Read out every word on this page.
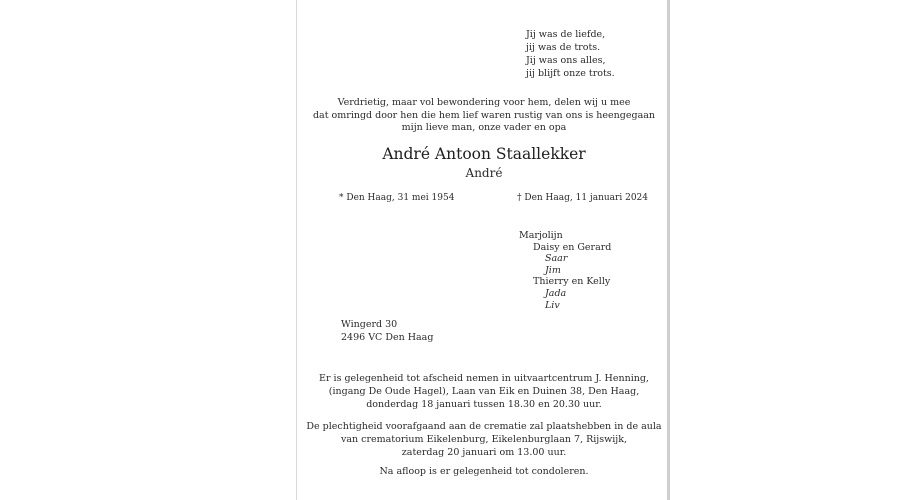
Jij was de liefde,
jij was de trots.
Jij was ons alles,
jij blijft onze trots.
Verdrietig, maar vol bewondering voor hem, delen wij u mee
dat omringd door hen die hem lief waren rustig van ons is heengegaan
mijn lieve man, onze vader en opa
André Antoon Staallekker
André
* Den Haag, 31 mei 1954	† Den Haag, 11 januari 2024
Marjolijn
Daisy en Gerard
Saar
Jim
Thierry en Kelly
Jada
Liv
Wingerd 30
2496 VC Den Haag
Er is gelegenheid tot afscheid nemen in uitvaartcentrum J. Henning,
(ingang De Oude Hagel), Laan van Eik en Duinen 38, Den Haag,
donderdag 18 januari tussen 18.30 en 20.30 uur.
De plechtigheid voorafgaand aan de crematie zal plaatshebben in de aula
van crematorium Eikelenburg, Eikelenburglaan 7, Rijswijk,
zaterdag 20 januari om 13.00 uur.
Na afloop is er gelegenheid tot condoleren.
